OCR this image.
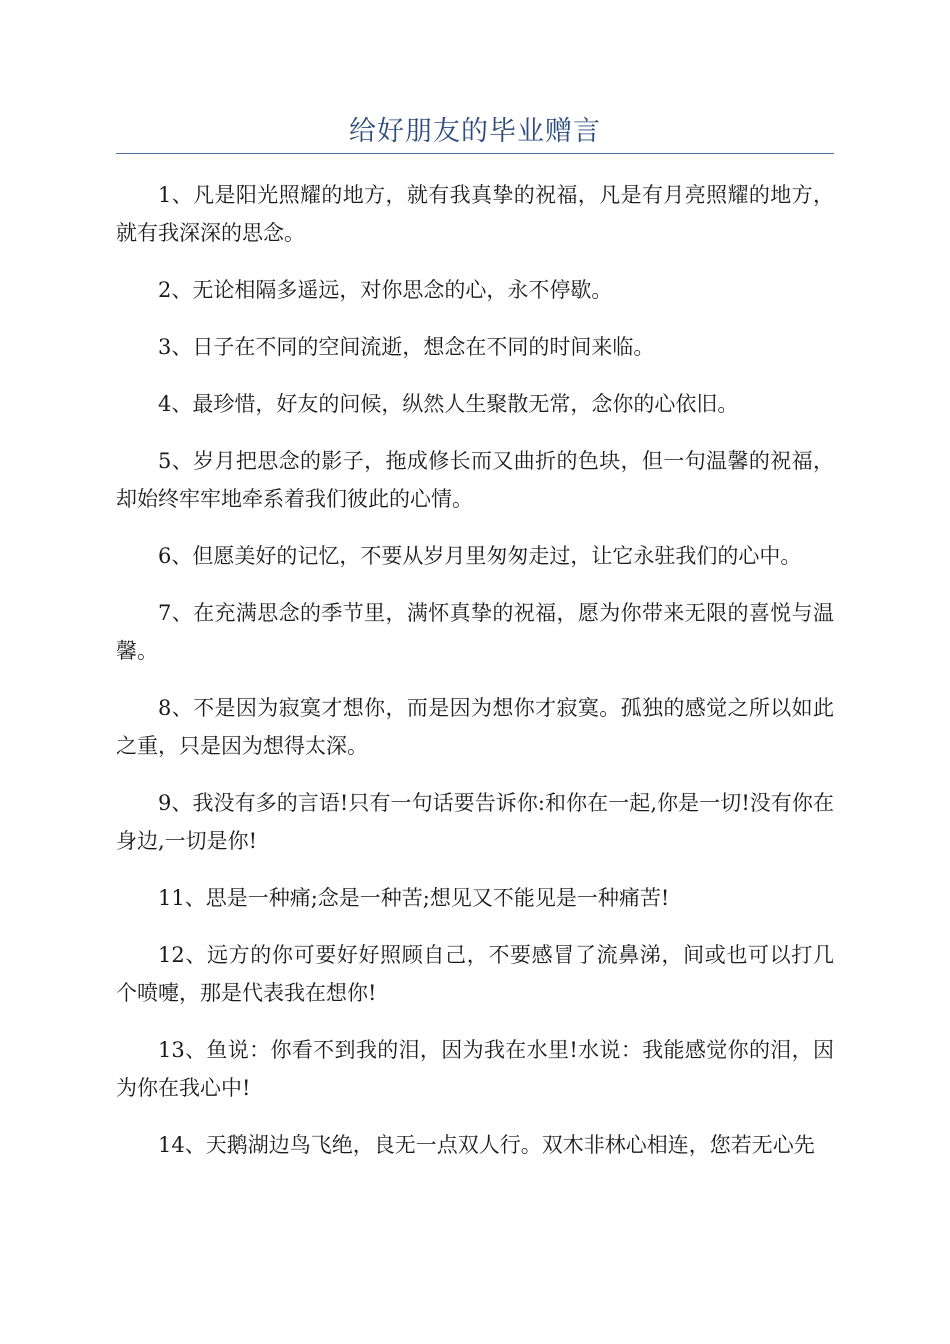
给好朋友的毕业赠言

1、凡是阳光照耀的地方，就有我真挚的祝福，凡是有月亮照耀的地方，就有我深深的思念。

2、无论相隔多遥远，对你思念的心，永不停歇。

3、日子在不同的空间流逝，想念在不同的时间来临。

4、最珍惜，好友的问候，纵然人生聚散无常，念你的心依旧。

5、岁月把思念的影子，拖成修长而又曲折的色块，但一句温馨的祝福，却始终牢牢地牵系着我们彼此的心情。

6、但愿美好的记忆，不要从岁月里匆匆走过，让它永驻我们的心中。

7、在充满思念的季节里，满怀真挚的祝福，愿为你带来无限的喜悦与温馨。

8、不是因为寂寞才想你，而是因为想你才寂寞。孤独的感觉之所以如此之重，只是因为想得太深。

9、我没有多的言语!只有一句话要告诉你:和你在一起,你是一切!没有你在身边,一切是你!

11、思是一种痛;念是一种苦;想见又不能见是一种痛苦!

12、远方的你可要好好照顾自己，不要感冒了流鼻涕，间或也可以打几个喷嚏，那是代表我在想你!

13、鱼说：你看不到我的泪，因为我在水里!水说：我能感觉你的泪，因为你在我心中!

14、天鹅湖边鸟飞绝，良无一点双人行。双木非林心相连，您若无心先
